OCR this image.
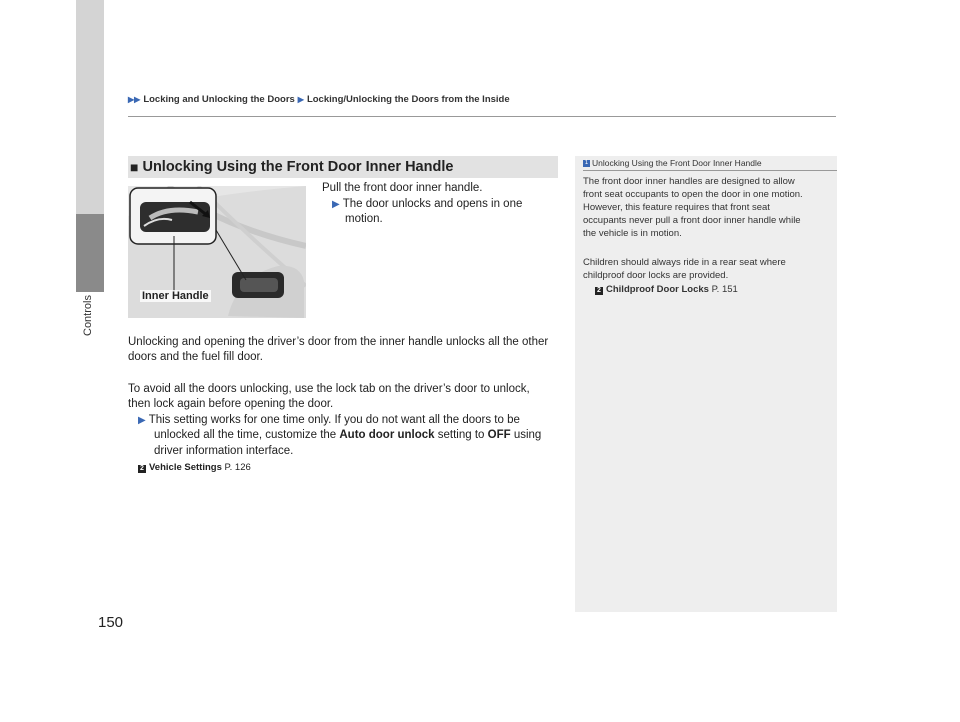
Controls
▶▶ Locking and Unlocking the Doors ▶ Locking/Unlocking the Doors from the Inside
■ Unlocking Using the Front Door Inner Handle
Inner Handle
Pull the front door inner handle.
▶ The door unlocks and opens in one
motion.
Unlocking and opening the driver’s door from the inner handle unlocks all the other
doors and the fuel fill door.
To avoid all the doors unlocking, use the lock tab on the driver’s door to unlock,
then lock again before opening the door.
▶ This setting works for one time only. If you do not want all the doors to be
unlocked all the time, customize the Auto door unlock setting to OFF using
driver information interface.
2 Vehicle Settings P. 126
1 Unlocking Using the Front Door Inner Handle
The front door inner handles are designed to allow
front seat occupants to open the door in one motion.
However, this feature requires that front seat
occupants never pull a front door inner handle while
the vehicle is in motion.
Children should always ride in a rear seat where
childproof door locks are provided.
2 Childproof Door Locks P. 151
150
